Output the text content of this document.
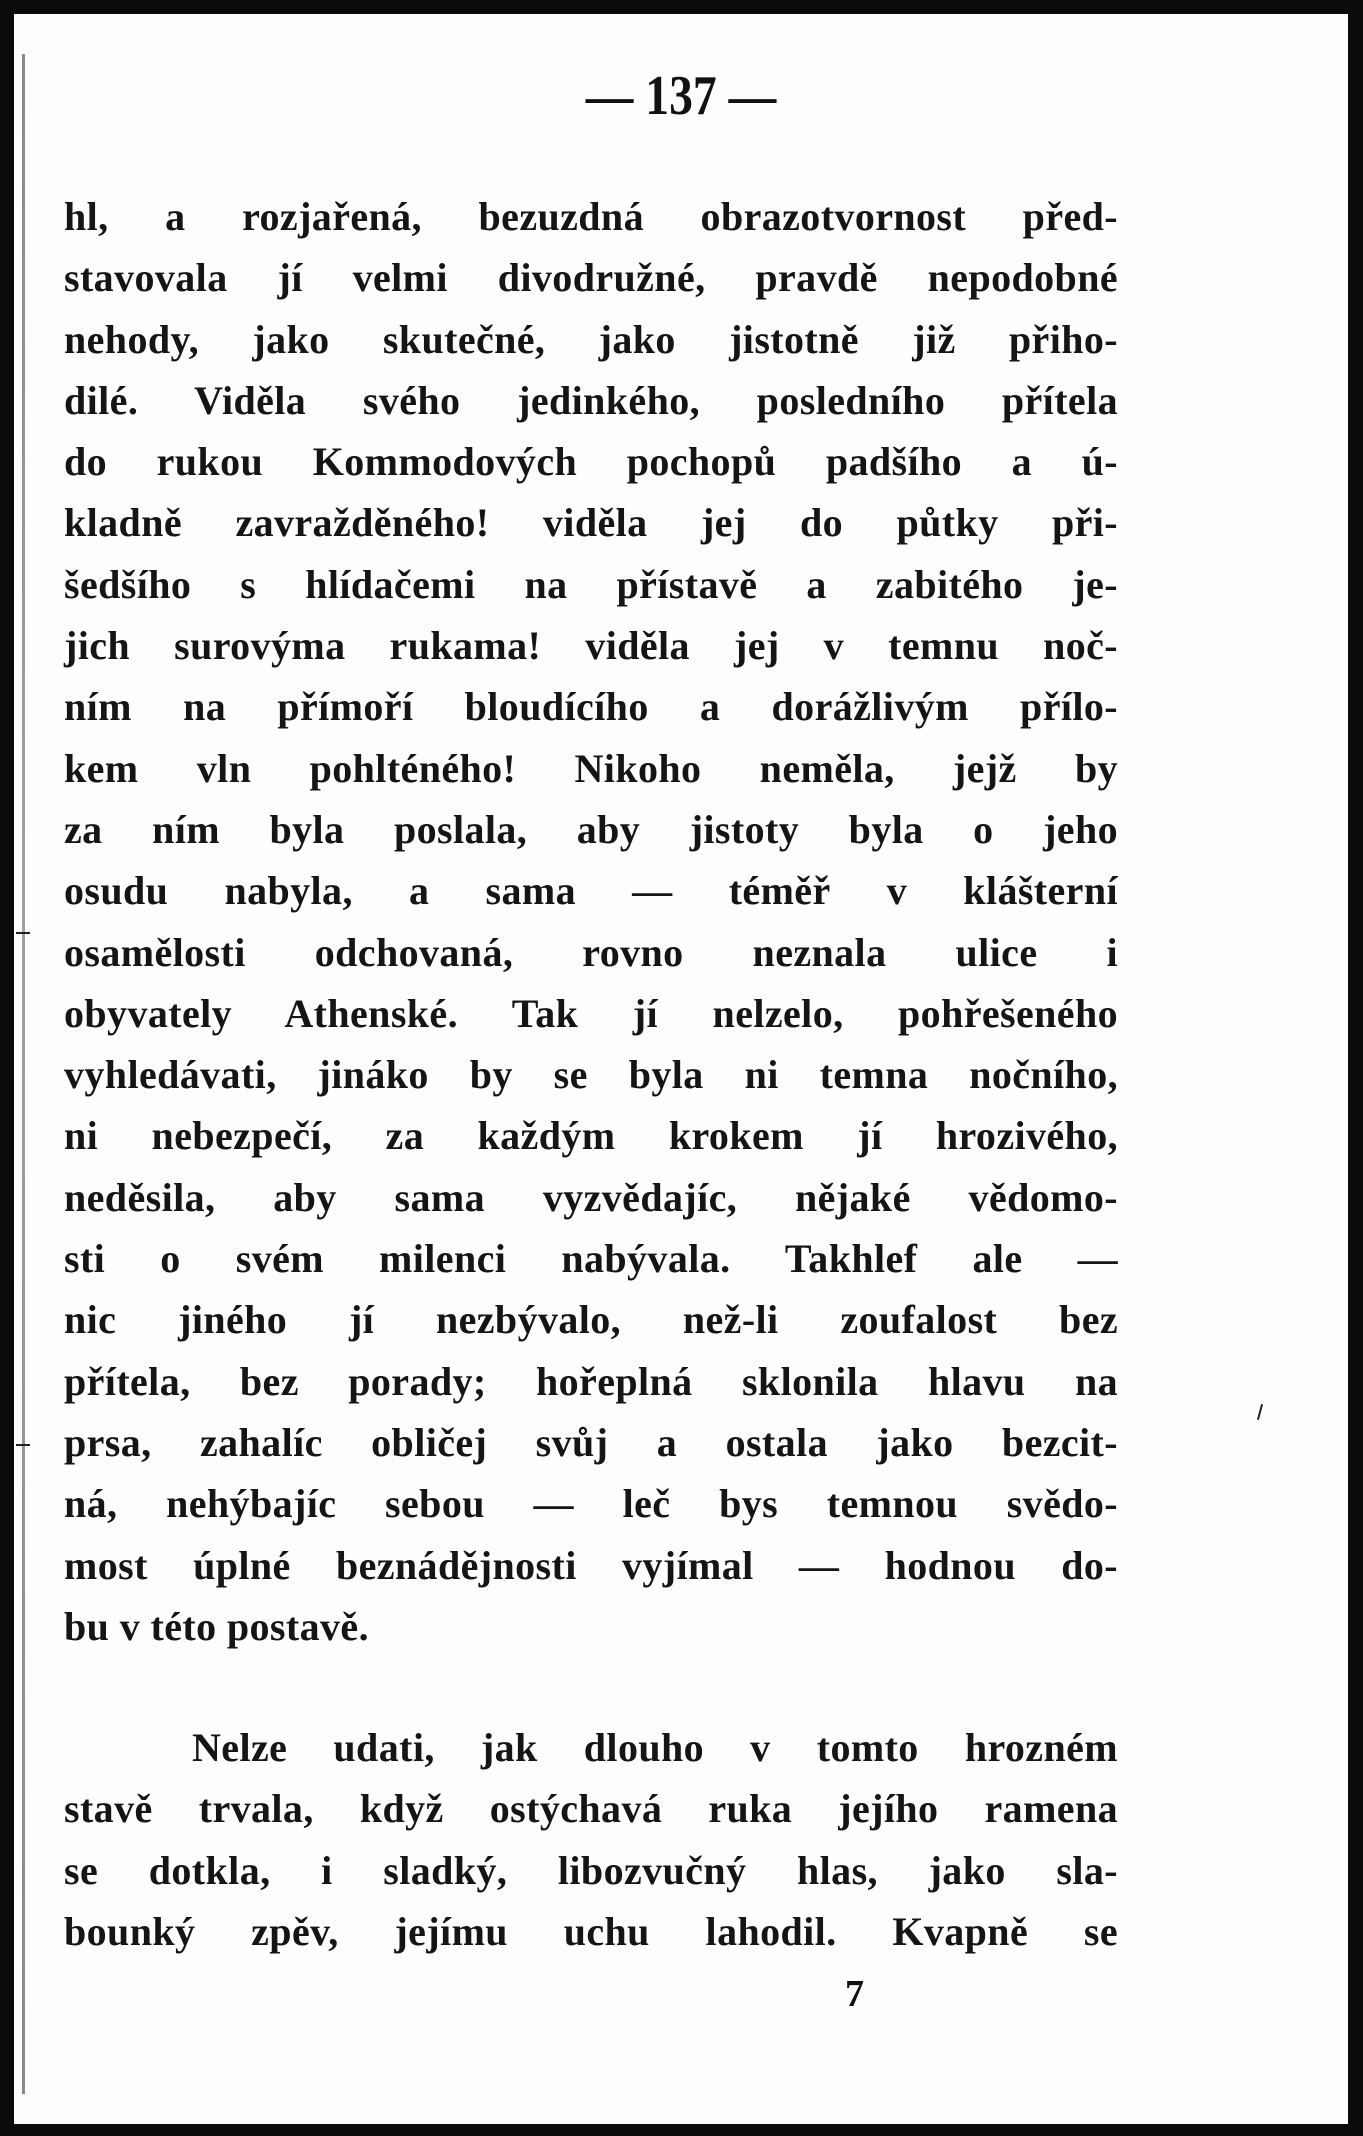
— 137 —
hl, a rozjařená, bezuzdná obrazotvornost před-
stavovala jí velmi divodružné, pravdě nepodobné
nehody, jako skutečné, jako jistotně již přiho-
dilé. Viděla svého jedinkého, posledního přítela
do rukou Kommodových pochopů padšího a ú-
kladně zavražděného! viděla jej do půtky při-
šedšího s hlídačemi na přístavě a zabitého je-
jich surovýma rukama! viděla jej v temnu noč-
ním na přímoří bloudícího a dorážlivým přílo-
kem vln pohlténého! Nikoho neměla, jejž by
za ním byla poslala, aby jistoty byla o jeho
osudu nabyla, a sama — téměř v klášterní
osamělosti odchovaná, rovno neznala ulice i
obyvately Athenské. Tak jí nelzelo, pohřešeného
vyhledávati, jináko by se byla ni temna nočního,
ni nebezpečí, za každým krokem jí hrozivého,
neděsila, aby sama vyzvědajíc, nějaké vědomo-
sti o svém milenci nabývala. Takhlef ale —
nic jiného jí nezbývalo, než-li zoufalost bez
přítela, bez porady; hořeplná sklonila hlavu na
prsa, zahalíc obličej svůj a ostala jako bezcit-
ná, nehýbajíc sebou — leč bys temnou svědo-
most úplné beznádějnosti vyjímal — hodnou do-
bu v této postavě.
Nelze udati, jak dlouho v tomto hrozném
stavě trvala, když ostýchavá ruka jejího ramena
se dotkla, i sladký, libozvučný hlas, jako sla-
bounký zpěv, jejímu uchu lahodil. Kvapně se
7
